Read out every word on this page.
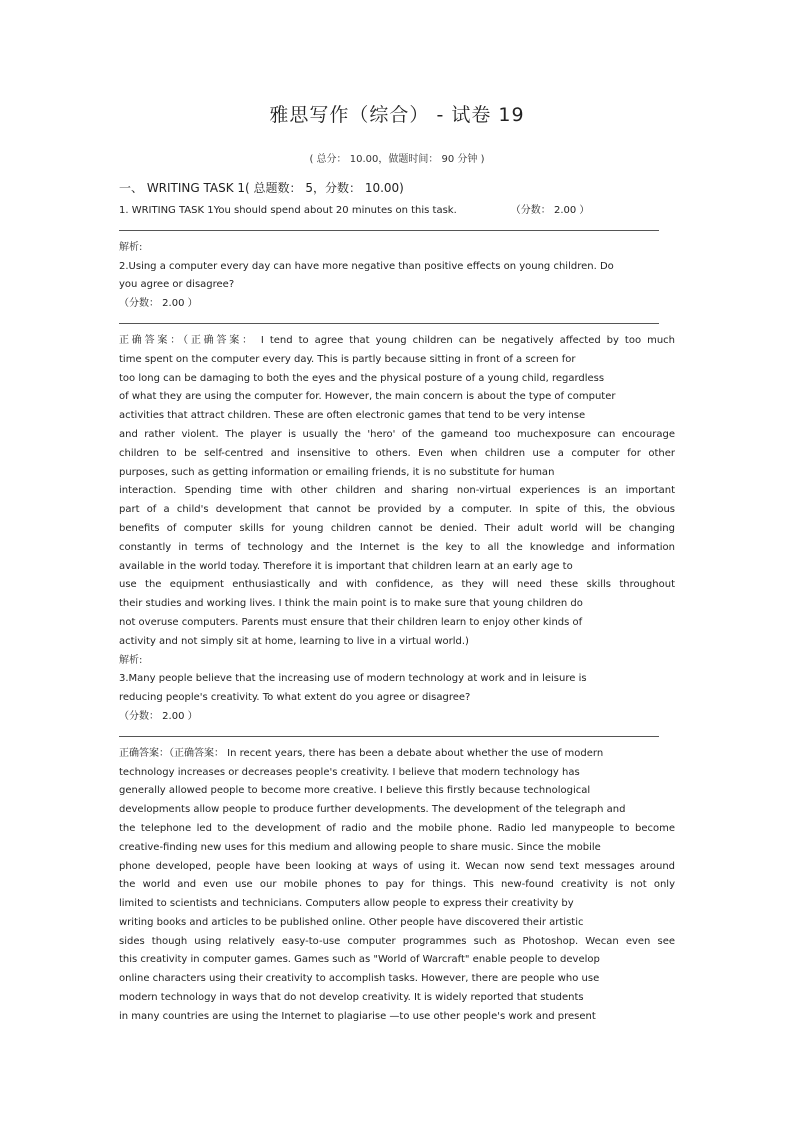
雅思写作（综合） - 试卷 19
( 总分： 10.00，做题时间： 90 分钟 )
一、 WRITING TASK 1( 总题数： 5，分数： 10.00)
1. WRITING TASK 1You should spend about 20 minutes on this task.	（分数： 2.00 ）
解析:
2.Using a computer every day can have more negative than positive effects on young children. Do
you agree or disagree?
（分数： 2.00 ）
正确答案：（正确答案： I tend to agree that young children can be negatively affected by too much
time spent on the computer every day. This is partly because sitting in front of a screen for
too long can be damaging to both the eyes and the physical posture of a young child, regardless
of what they are using the computer for. However, the main concern is about the type of computer
activities that attract children. These are often electronic games that tend to be very intense
and rather violent. The player is usually the 'hero' of the gameand too muchexposure can encourage
children to be self-centred and insensitive to others. Even when children use a computer for other
purposes, such as getting information or emailing friends, it is no substitute for human
interaction. Spending time with other children and sharing non-virtual experiences is an important
part of a child's development that cannot be provided by a computer. In spite of this, the obvious
benefits of computer skills for young children cannot be denied. Their adult world will be changing
constantly in terms of technology and the Internet is the key to all the knowledge and information
available in the world today. Therefore it is important that children learn at an early age to
use the equipment enthusiastically and with confidence, as they will need these skills throughout
their studies and working lives. I think the main point is to make sure that young children do
not overuse computers. Parents must ensure that their children learn to enjoy other kinds of
activity and not simply sit at home, learning to live in a virtual world.)
解析:
3.Many people believe that the increasing use of modern technology at work and in leisure is
reducing people's creativity. To what extent do you agree or disagree?
（分数： 2.00 ）
正确答案：（正确答案： In recent years, there has been a debate about whether the use of modern
technology increases or decreases people's creativity. I believe that modern technology has
generally allowed people to become more creative. I believe this firstly because technological
developments allow people to produce further developments. The development of the telegraph and
the telephone led to the development of radio and the mobile phone. Radio led manypeople to become
creative-finding new uses for this medium and allowing people to share music. Since the mobile
phone developed, people have been looking at ways of using it. Wecan now send text messages around
the world and even use our mobile phones to pay for things. This new-found creativity is not only
limited to scientists and technicians. Computers allow people to express their creativity by
writing books and articles to be published online. Other people have discovered their artistic
sides though using relatively easy-to-use computer programmes such as Photoshop. Wecan even see
this creativity in computer games. Games such as "World of Warcraft" enable people to develop
online characters using their creativity to accomplish tasks. However, there are people who use
modern technology in ways that do not develop creativity. It is widely reported that students
in many countries are using the Internet to plagiarise —to use other people's work and present
